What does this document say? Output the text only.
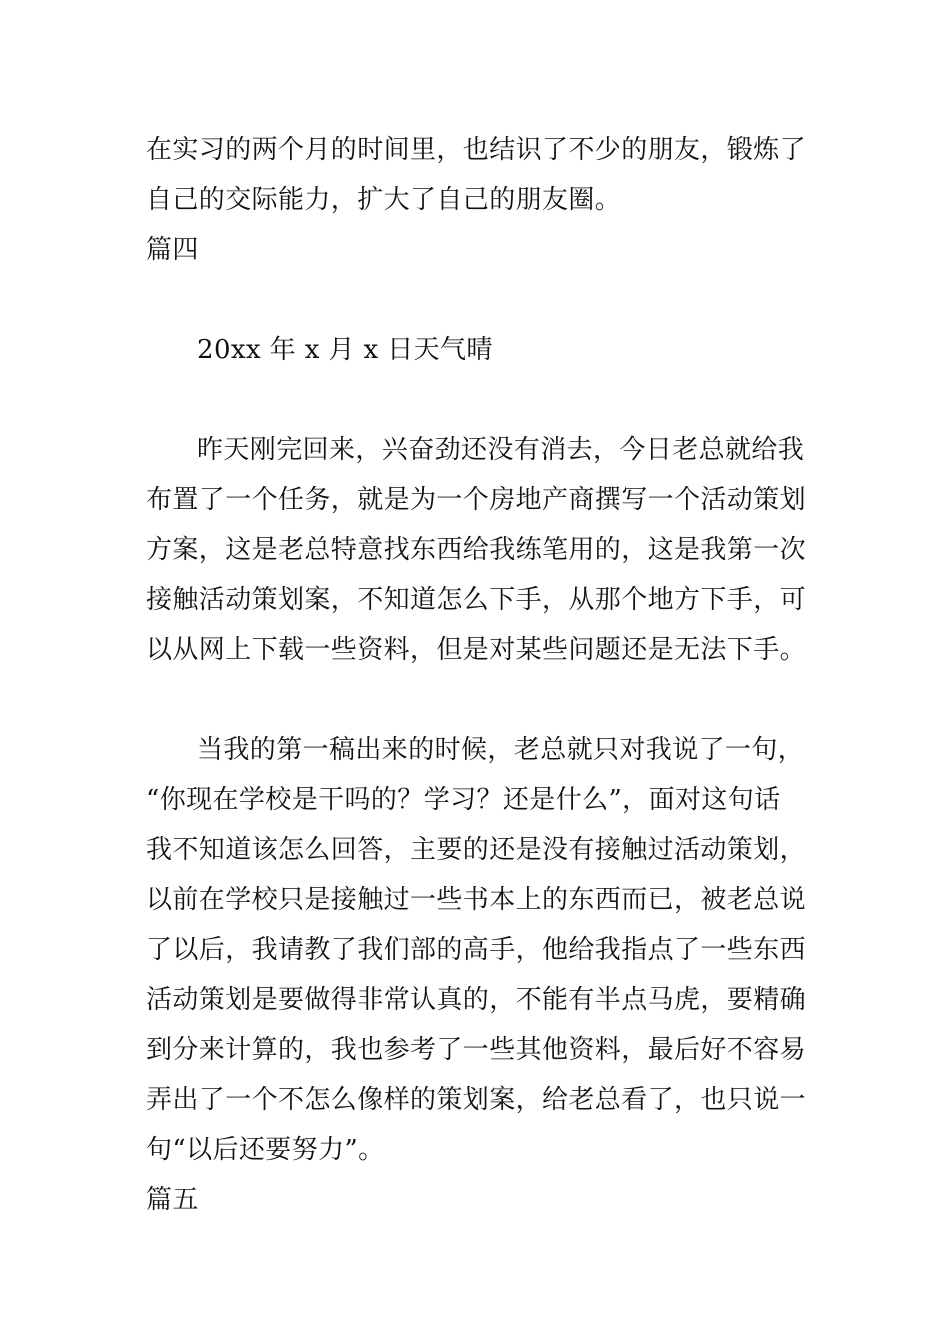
在实习的两个月的时间里，也结识了不少的朋友，锻炼了
自己的交际能力，扩大了自己的朋友圈。
篇四
20xx 年 x 月 x 日天气晴
昨天刚完回来，兴奋劲还没有消去，今日老总就给我
布置了一个任务，就是为一个房地产商撰写一个活动策划
方案，这是老总特意找东西给我练笔用的，这是我第一次
接触活动策划案，不知道怎么下手，从那个地方下手，可
以从网上下载一些资料，但是对某些问题还是无法下手。
当我的第一稿出来的时候，老总就只对我说了一句，
“你现在学校是干吗的？学习？还是什么”，面对这句话
我不知道该怎么回答，主要的还是没有接触过活动策划，
以前在学校只是接触过一些书本上的东西而已，被老总说
了以后，我请教了我们部的高手，他给我指点了一些东西
活动策划是要做得非常认真的，不能有半点马虎，要精确
到分来计算的，我也参考了一些其他资料，最后好不容易
弄出了一个不怎么像样的策划案，给老总看了，也只说一
句“以后还要努力”。
篇五
